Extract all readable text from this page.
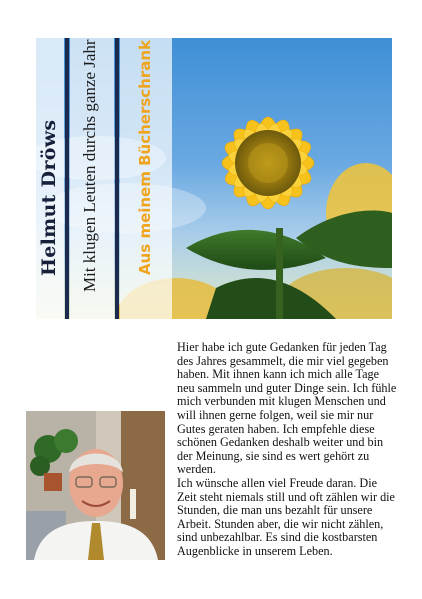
Helmut Dröws Mit klugen Leuten durchs ganze Jahr Aus meinem Bücherschrank

Hier habe ich gute Gedanken für jeden Tag des Jahres gesammelt, die mir viel gegeben haben. Mit ihnen kann ich mich alle Tage neu sammeln und guter Dinge sein. Ich fühle mich verbunden mit klugen Menschen und will ihnen gerne folgen, weil sie mir nur Gutes geraten haben. Ich empfehle diese schönen Gedanken deshalb weiter und bin der Meinung, sie sind es wert gehört zu werden.

Ich wünsche allen viel Freude daran. Die Zeit steht niemals still und oft zählen wir die Stunden, die man uns bezahlt für unsere Arbeit. Stunden aber, die wir nicht zählen, sind unbezahlbar. Es sind die kostbarsten Augenblicke in unserem Leben.
